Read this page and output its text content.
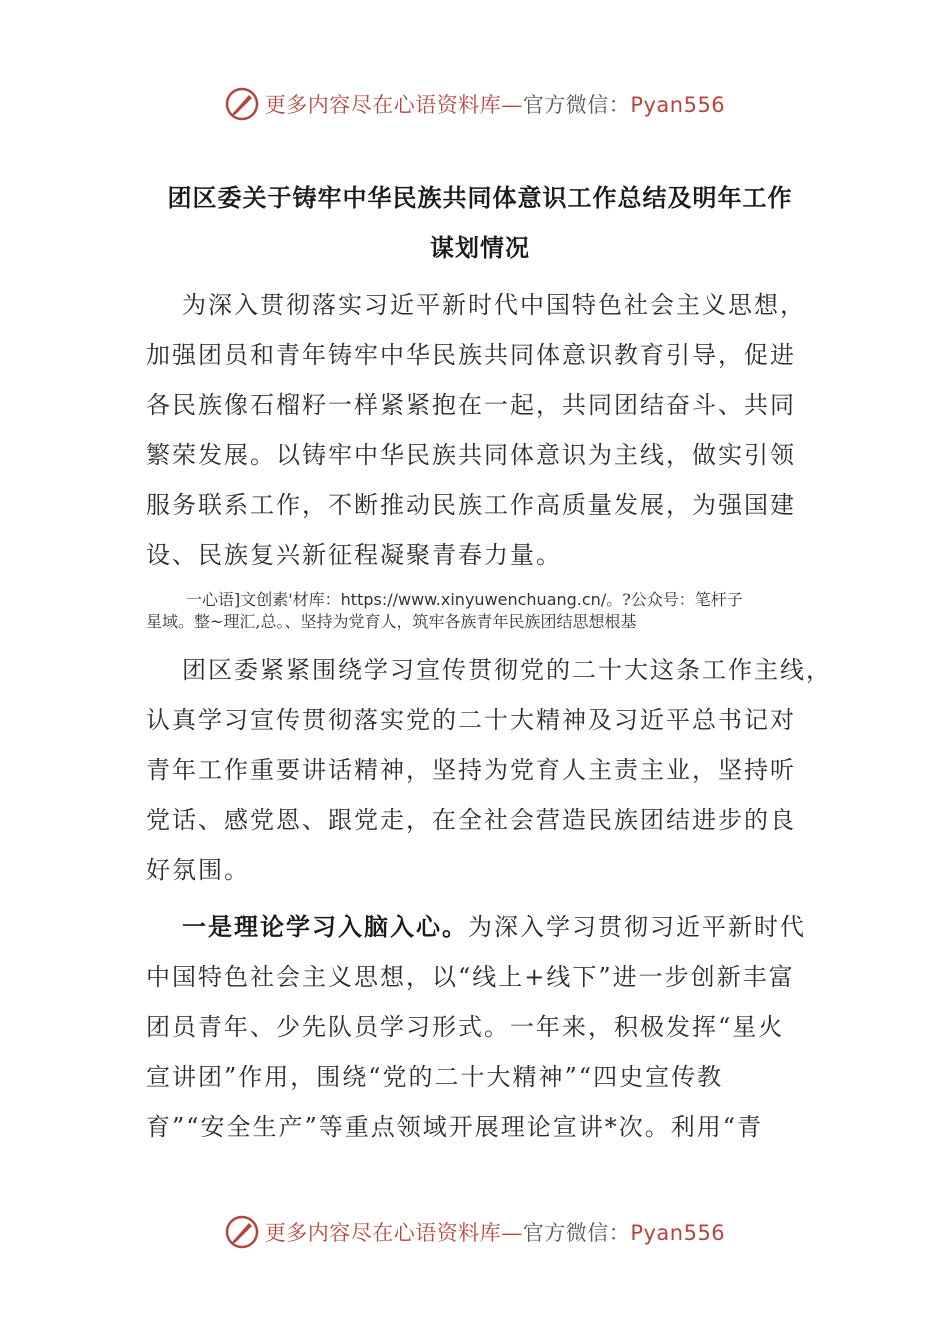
更多内容尽在心语资料库—官方微信：Pyan556
团区委关于铸牢中华民族共同体意识工作总结及明年工作
谋划情况
为深入贯彻落实习近平新时代中国特色社会主义思想，
加强团员和青年铸牢中华民族共同体意识教育引导，促进
各民族像石榴籽一样紧紧抱在一起，共同团结奋斗、共同
繁荣发展。以铸牢中华民族共同体意识为主线，做实引领
服务联系工作，不断推动民族工作高质量发展，为强国建
设、民族复兴新征程凝聚青春力量。
一心语]文创素'材库：https://www.xinyuwenchuang.cn/。?公众号：笔杆子
星域。整~理汇,总。、坚持为党育人，筑牢各族青年民族团结思想根基
团区委紧紧围绕学习宣传贯彻党的二十大这条工作主线，
认真学习宣传贯彻落实党的二十大精神及习近平总书记对
青年工作重要讲话精神，坚持为党育人主责主业，坚持听
党话、感党恩、跟党走，在全社会营造民族团结进步的良
好氛围。
一是理论学习入脑入心。为深入学习贯彻习近平新时代
中国特色社会主义思想，以“线上+线下”进一步创新丰富
团员青年、少先队员学习形式。一年来，积极发挥“星火
宣讲团”作用，围绕“党的二十大精神”“四史宣传教
育”“安全生产”等重点领域开展理论宣讲*次。利用“青
更多内容尽在心语资料库—官方微信：Pyan556
